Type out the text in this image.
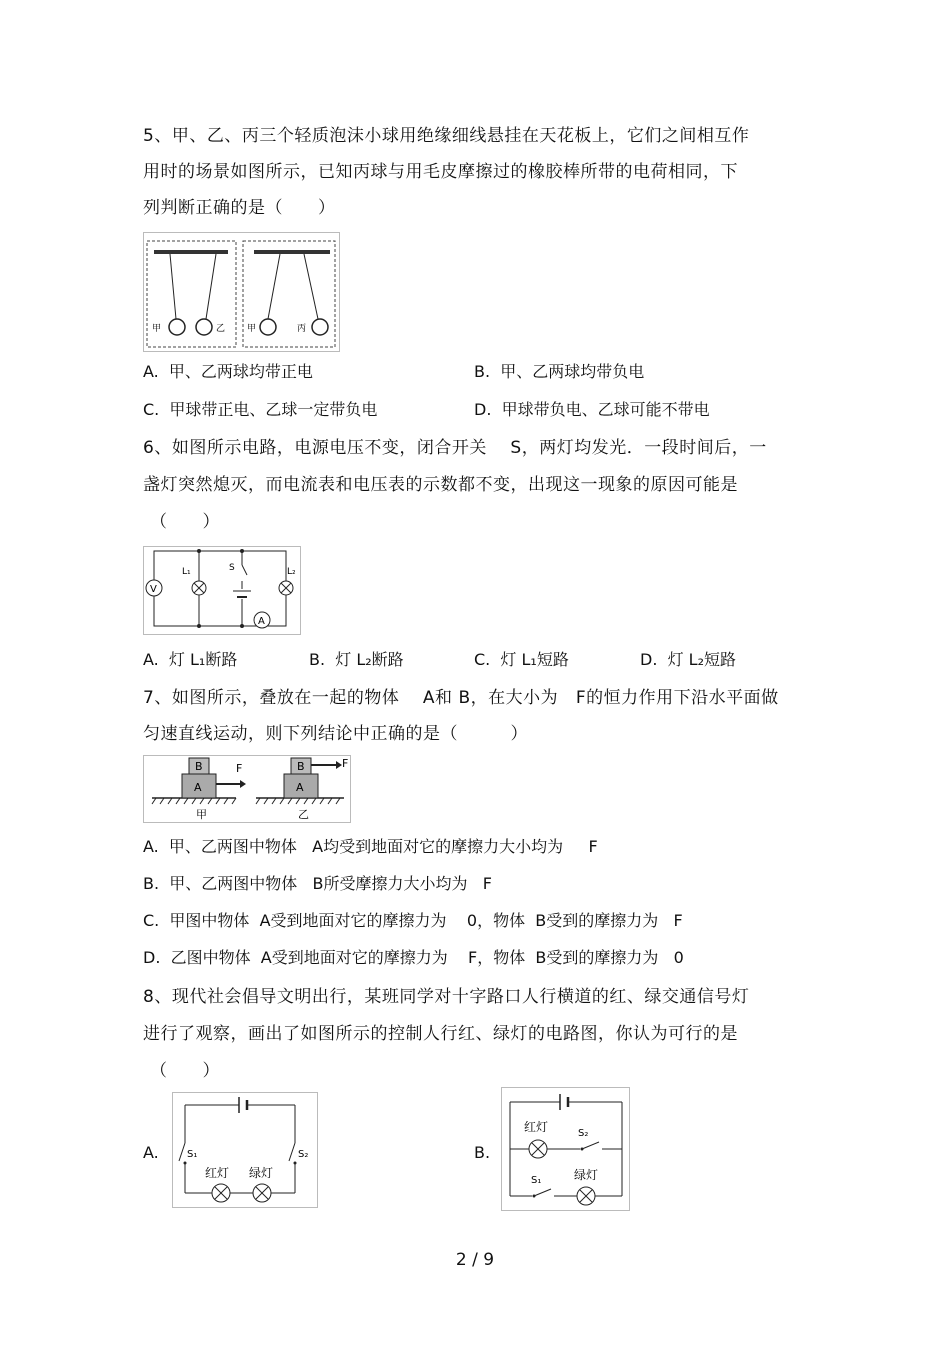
5、甲、乙、丙三个轻质泡沫小球用绝缘细线悬挂在天花板上，它们之间相互作
用时的场景如图所示，已知丙球与用毛皮摩擦过的橡胶棒所带的电荷相同，下
列判断正确的是（　　）
甲	乙 甲	丙
A.  甲、乙两球均带正电	B.  甲、乙两球均带负电
C.  甲球带正电、乙球一定带负电	D.  甲球带负电、乙球可能不带电
6、如图所示电路，电源电压不变，闭合开关    S，两灯均发光．一段时间后，一
盏灯突然熄灭，而电流表和电压表的示数都不变，出现这一现象的原因可能是
（　　）
V
L₁	L₂
S
A
A.  灯 L₁断路	B.  灯 L₂断路	C.  灯 L₁短路	D.  灯 L₂短路
7、如图所示，叠放在一起的物体    A和 B，在大小为   F的恒力作用下沿水平面做
匀速直线运动，则下列结论中正确的是（　　　）
B
A
F
甲
B
A
F
乙
A.  甲、乙两图中物体   A均受到地面对它的摩擦力大小均为     F
B.  甲、乙两图中物体   B所受摩擦力大小均为   F
C.  甲图中物体  A受到地面对它的摩擦力为    0，物体  B受到的摩擦力为   F
D.  乙图中物体  A受到地面对它的摩擦力为    F，物体  B受到的摩擦力为   0
8、现代社会倡导文明出行，某班同学对十字路口人行横道的红、绿交通信号灯
进行了观察，画出了如图所示的控制人行红、绿灯的电路图，你认为可行的是
（　　）
A.	S₁	S₂
红灯 绿灯
B.
红灯	S₂
S₁	绿灯
2 / 9
